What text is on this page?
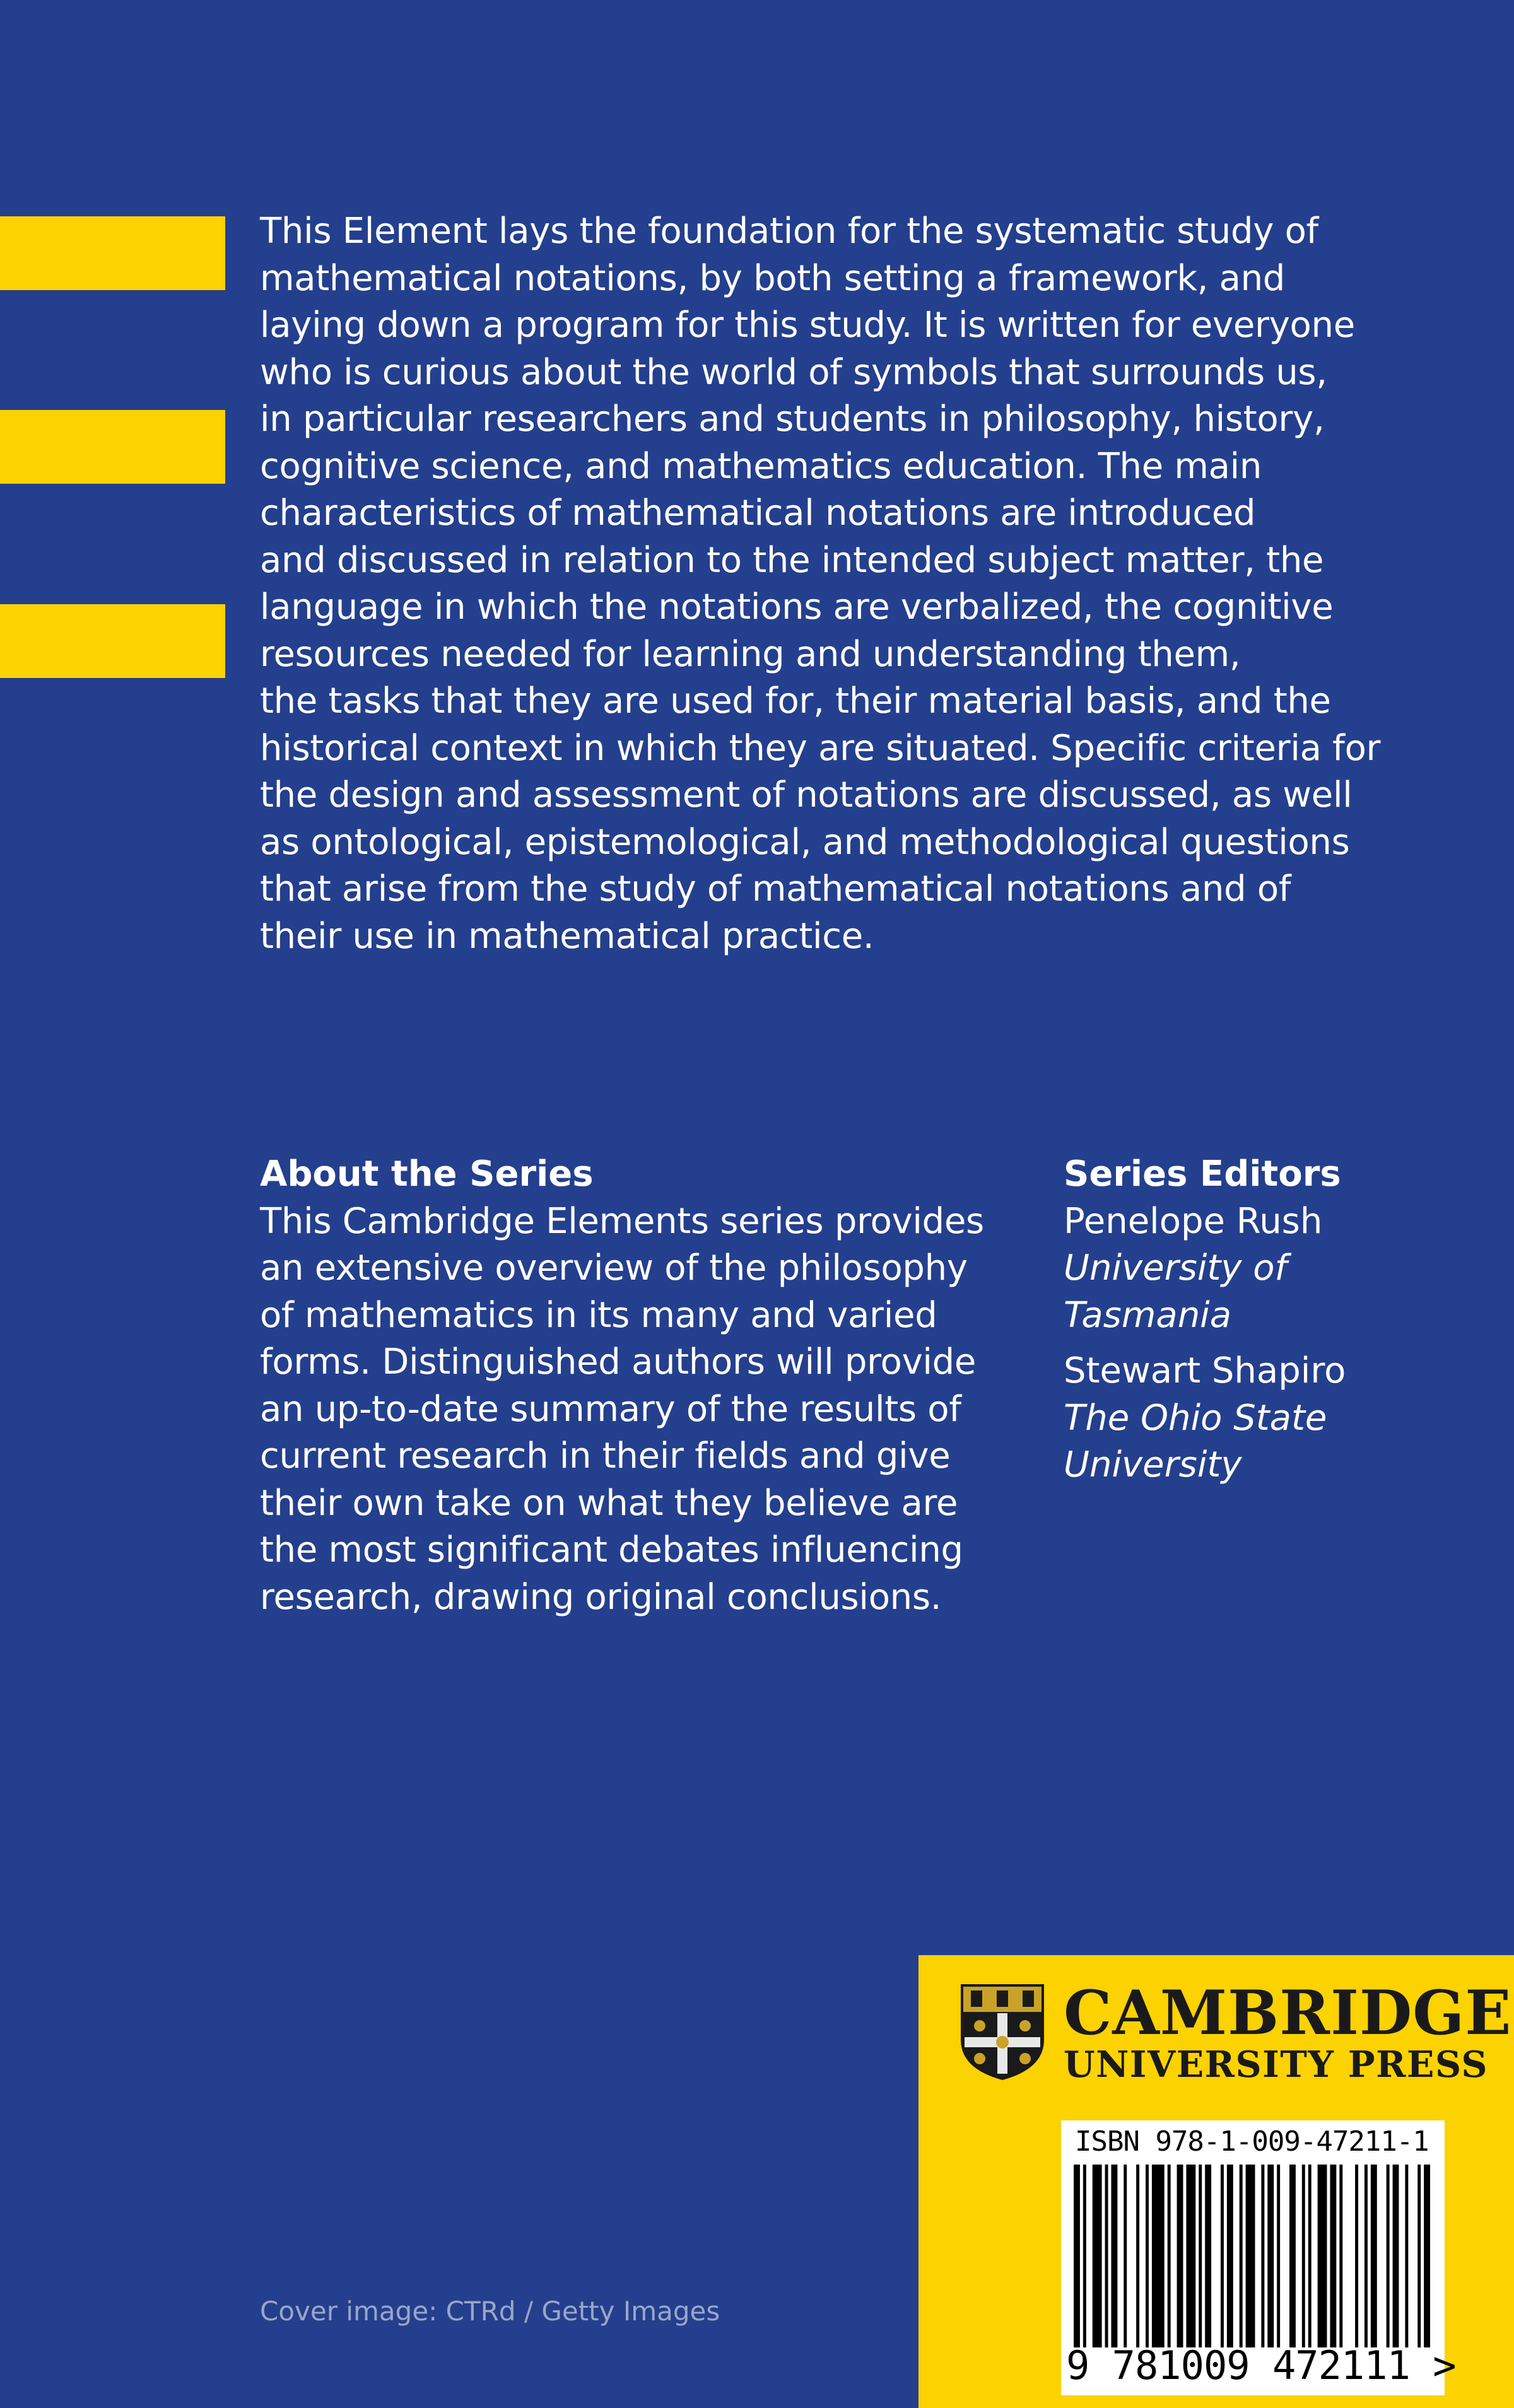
This Element lays the foundation for the systematic study of
mathematical notations, by both setting a framework, and
laying down a program for this study. It is written for everyone
who is curious about the world of symbols that surrounds us,
in particular researchers and students in philosophy, history,
cognitive science, and mathematics education. The main
characteristics of mathematical notations are introduced
and discussed in relation to the intended subject matter, the
language in which the notations are verbalized, the cognitive
resources needed for learning and understanding them,
the tasks that they are used for, their material basis, and the
historical context in which they are situated. Specific criteria for
the design and assessment of notations are discussed, as well
as ontological, epistemological, and methodological questions
that arise from the study of mathematical notations and of
their use in mathematical practice.
About the Series
This Cambridge Elements series provides
an extensive overview of the philosophy
of mathematics in its many and varied
forms. Distinguished authors will provide
an up-to-date summary of the results of
current research in their fields and give
their own take on what they believe are
the most significant debates influencing
research, drawing original conclusions.
Series Editors
Penelope Rush
University of
Tasmania
Stewart Shapiro
The Ohio State
University
Cover image: CTRd / Getty Images
CAMBRIDGE
UNIVERSITY PRESS
ISBN 978-1-009-47211-1
9 781009 472111 >
